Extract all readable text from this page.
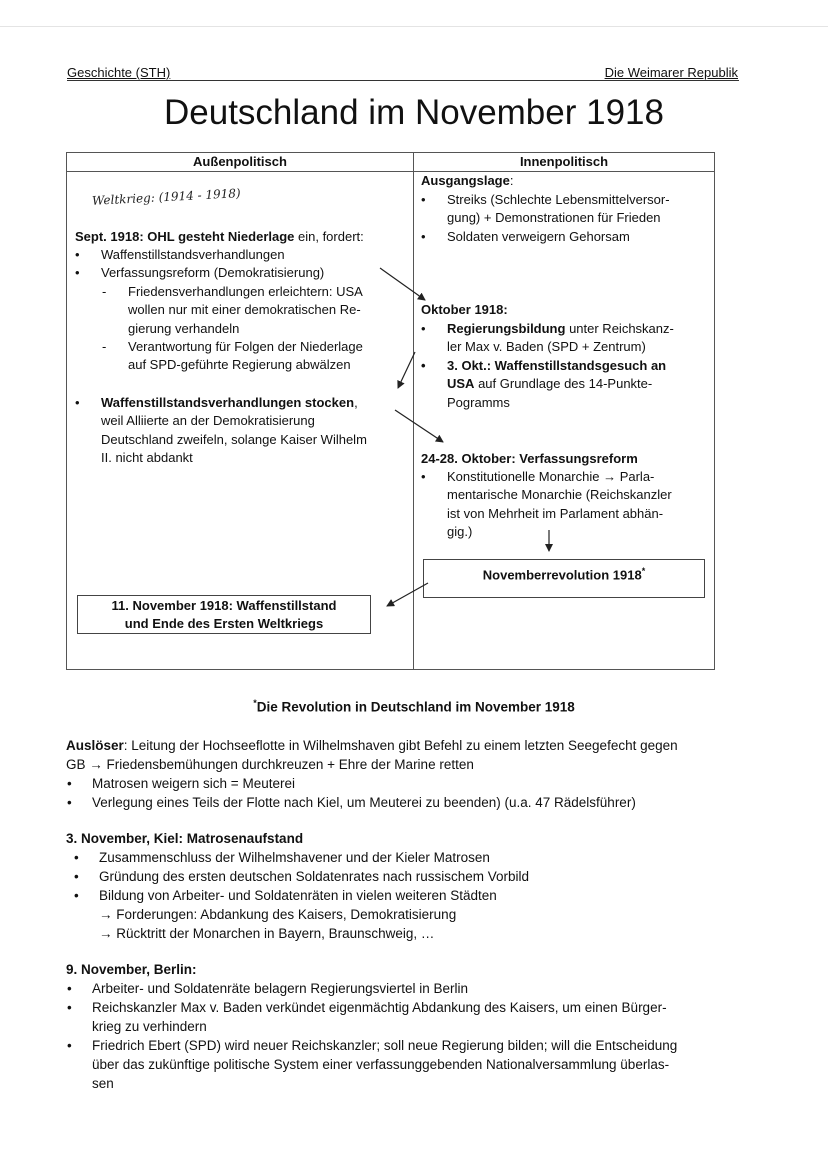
Geschichte (STH)	Die Weimarer Republik
Deutschland im November 1918
Außenpolitisch	Innenpolitisch
Weltkrieg: (1914 - 1918)
Sept. 1918: OHL gesteht Niederlage ein, fordert:
• Waffenstillstandsverhandlungen
• Verfassungsreform (Demokratisierung)
- Friedensverhandlungen erleichtern: USA
wollen nur mit einer demokratischen Re-
gierung verhandeln
- Verantwortung für Folgen der Niederlage
auf SPD-geführte Regierung abwälzen
• Waffenstillstandsverhandlungen stocken,
weil Alliierte an der Demokratisierung
Deutschland zweifeln, solange Kaiser Wilhelm
II. nicht abdankt
11. November 1918: Waffenstillstand
und Ende des Ersten Weltkriegs
Ausgangslage:
• Streiks (Schlechte Lebensmittelversor-
gung) + Demonstrationen für Frieden
• Soldaten verweigern Gehorsam
Oktober 1918:
• Regierungsbildung unter Reichskanz-
ler Max v. Baden (SPD + Zentrum)
• 3. Okt.: Waffenstillstandsgesuch an
USA auf Grundlage des 14-Punkte-
Pogramms
24-28. Oktober: Verfassungsreform
• Konstitutionelle Monarchie → Parla-
mentarische Monarchie (Reichskanzler
ist von Mehrheit im Parlament abhän-
gig.)
Novemberrevolution 1918*
*Die Revolution in Deutschland im November 1918
Auslöser: Leitung der Hochseeflotte in Wilhelmshaven gibt Befehl zu einem letzten Seegefecht gegen
GB → Friedensbemühungen durchkreuzen + Ehre der Marine retten
• Matrosen weigern sich = Meuterei
• Verlegung eines Teils der Flotte nach Kiel, um Meuterei zu beenden) (u.a. 47 Rädelsführer)
3. November, Kiel: Matrosenaufstand
• Zusammenschluss der Wilhelmshavener und der Kieler Matrosen
• Gründung des ersten deutschen Soldatenrates nach russischem Vorbild
• Bildung von Arbeiter- und Soldatenräten in vielen weiteren Städten
→ Forderungen: Abdankung des Kaisers, Demokratisierung
→ Rücktritt der Monarchen in Bayern, Braunschweig, …
9. November, Berlin:
• Arbeiter- und Soldatenräte belagern Regierungsviertel in Berlin
• Reichskanzler Max v. Baden verkündet eigenmächtig Abdankung des Kaisers, um einen Bürger-
krieg zu verhindern
• Friedrich Ebert (SPD) wird neuer Reichskanzler; soll neue Regierung bilden; will die Entscheidung
über das zukünftige politische System einer verfassunggebenden Nationalversammlung überlas-
sen
